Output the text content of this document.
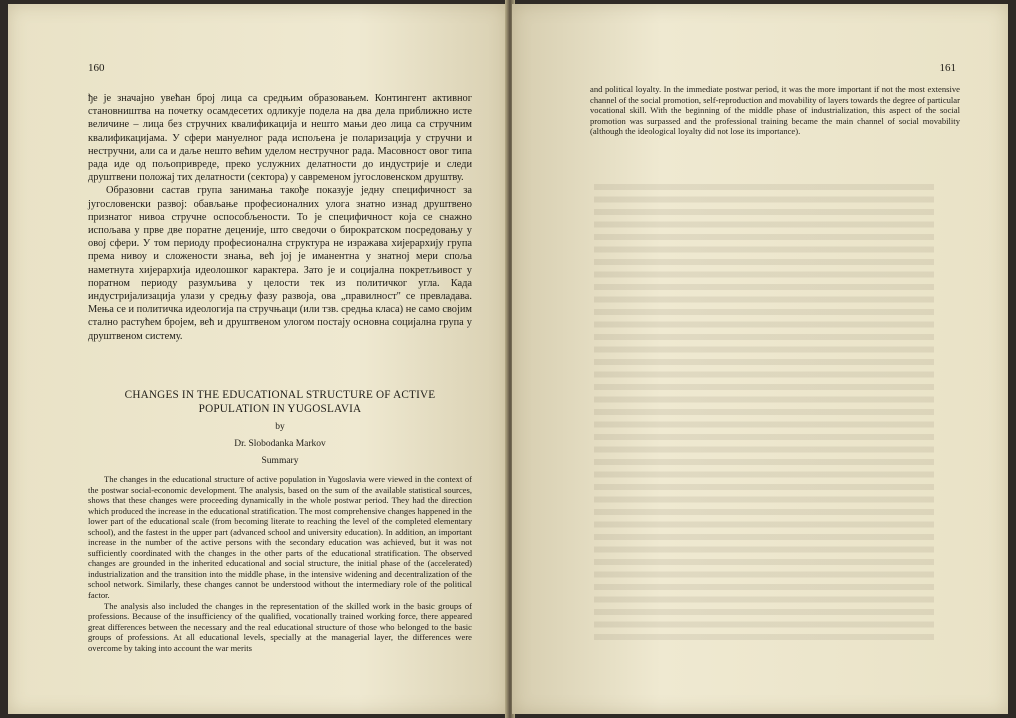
160

ђе је значајно увећан број лица са средњим образовањем. Контингент активног становништва на почетку осамдесетих одликује подела на два дела приближно исте величине – лица без стручних квалификација и нешто мањи део лица са стручним квалификацијама. У сфери мануелног рада испољена је поларизација у стручни и нестручни, али са и даље нешто већим уделом нестручног рада. Масовност овог типа рада иде од пољопривреде, преко услужних делатности до индустрије и следи друштвени положај тих делатности (сектора) у савременом југословенском друштву.

Образовни састав група занимања такође показује једну специфичност за југословенски развој: обављање професионалних улога знатно изнад друштвено признатог нивоа стручне оспособљености. То је специфичност која се снажно испољава у прве две поратне деценије, што сведочи о бирократском посредовању у овој сфери. У том периоду професионална структура не изражава хијерархију група према нивоу и сложености знања, већ јој је иманентна у знатној мери споља наметнута хијерархија идеолошког карактера. Зато је и социјална покретљивост у поратном периоду разумљива у целости тек из политичког угла. Када индустријализација улази у средњу фазу развоја, ова „правилност" се превладава. Мења се и политичка идеологија па стручњаци (или тзв. средња класа) не само својим стално растућем бројем, већ и друштвеном улогом постају основна социјална група у друштвеном систему.

CHANGES IN THE EDUCATIONAL STRUCTURE OF ACTIVE POPULATION IN YUGOSLAVIA
by
Dr. Slobodanka Markov
Summary

The changes in the educational structure of active population in Yugoslavia were viewed in the context of the postwar social-economic development. The analysis, based on the sum of the available statistical sources, shows that these changes were proceeding dynamically in the whole postwar period. They had the direction which produced the increase in the educational stratification. The most comprehensive changes happened in the lower part of the educational scale (from becoming literate to reaching the level of the completed elementary school), and the fastest in the upper part (advanced school and university education). In addition, an important increase in the number of the active persons with the secondary education was achieved, but it was not sufficiently coordinated with the changes in the other parts of the educational stratification. The observed changes are grounded in the inherited educational and social structure, the initial phase of the (accelerated) industrialization and the transition into the middle phase, in the intensive widening and decentralization of the school network. Similarly, these changes cannot be understood without the intermediary role of the political factor.

The analysis also included the changes in the representation of the skilled work in the basic groups of professions. Because of the insufficiency of the qualified, vocationally trained working force, there appeared great differences between the necessary and the real educational structure of those who belonged to the basic groups of professions. At all educational levels, specially at the managerial layer, the differences were overcome by taking into account the war merits

161

and political loyalty. In the immediate postwar period, it was the more important if not the most extensive channel of the social promotion, self-reproduction and movability of layers towards the degree of particular vocational skill. With the beginning of the middle phase of industrialization, this aspect of the social promotion was surpassed and the professional training became the main channel of social movability (although the ideological loyalty did not lose its importance).
